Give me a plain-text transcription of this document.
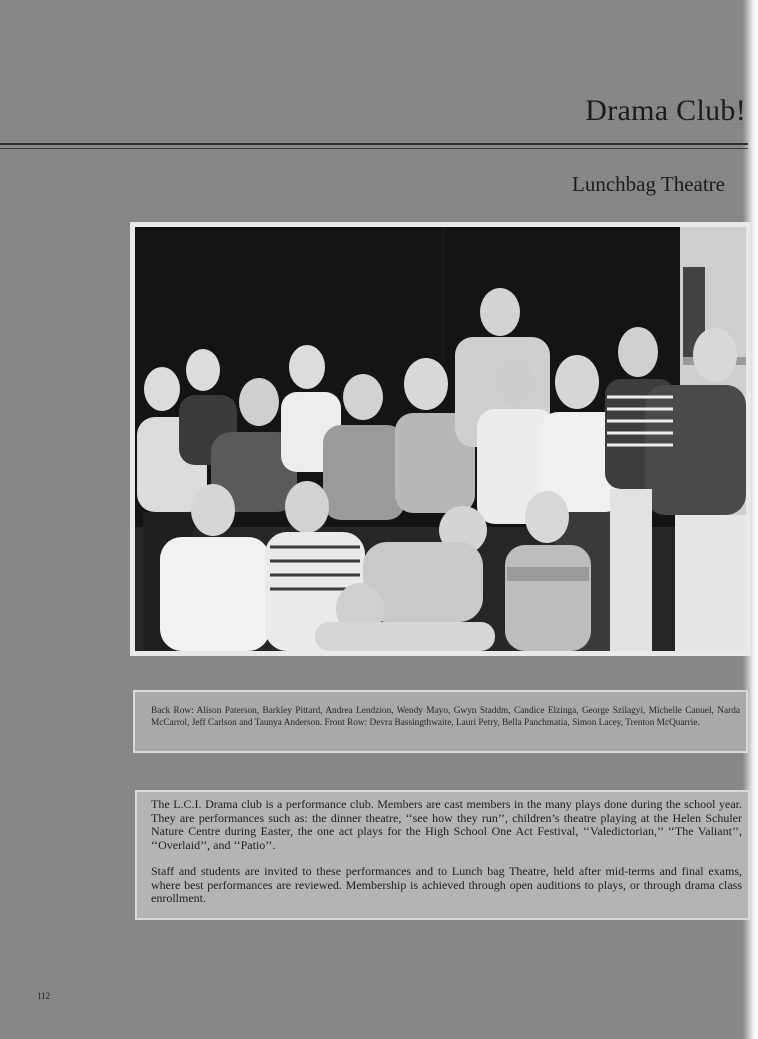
Drama Club!
Lunchbag Theatre
Back Row: Alison Paterson, Barkley Pittard, Andrea Lendzion, Wendy Mayo, Gwyn Staddm, Candice Elzinga, George Szilagyi, Michelle Canuel, Narda McCarrol, Jeff Carlson and Taunya Anderson. Front Row: Devra Bassingthwaite, Lauri Petry, Bella Panchmatia, Simon Lacey, Trenton McQuarrie.

The L.C.I. Drama club is a performance club. Members are cast members in the many plays done during the school year. They are performances such as: the dinner theatre, ‘‘see how they run’’, children’s theatre playing at the Helen Schuler Nature Centre during Easter, the one act plays for the High School One Act Festival, ‘‘Valedictorian,’’ ‘‘The Valiant’’, ‘‘Overlaid’’, and ‘‘Patio’’.

Staff and students are invited to these performances and to Lunch bag Theatre, held after mid-terms and final exams, where best performances are reviewed. Membership is achieved through open auditions to plays, or through drama class enrollment.

112
